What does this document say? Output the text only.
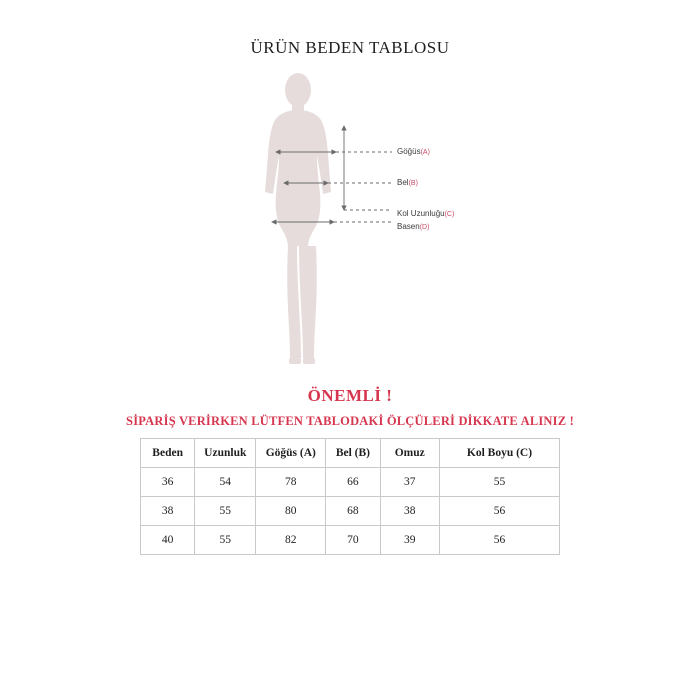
ÜRÜN BEDEN TABLOSU
Göğüs(A)
Bel(B)
Kol Uzunluğu(C)
Basen(D)
ÖNEMLİ !
SİPARİŞ VERİRKEN LÜTFEN TABLODAKİ ÖLÇÜLERİ DİKKATE ALINIZ !
Beden	Uzunluk	Göğüs (A)	Bel (B)	Omuz	Kol Boyu (C)
36	54	78	66	37	55
38	55	80	68	38	56
40	55	82	70	39	56
